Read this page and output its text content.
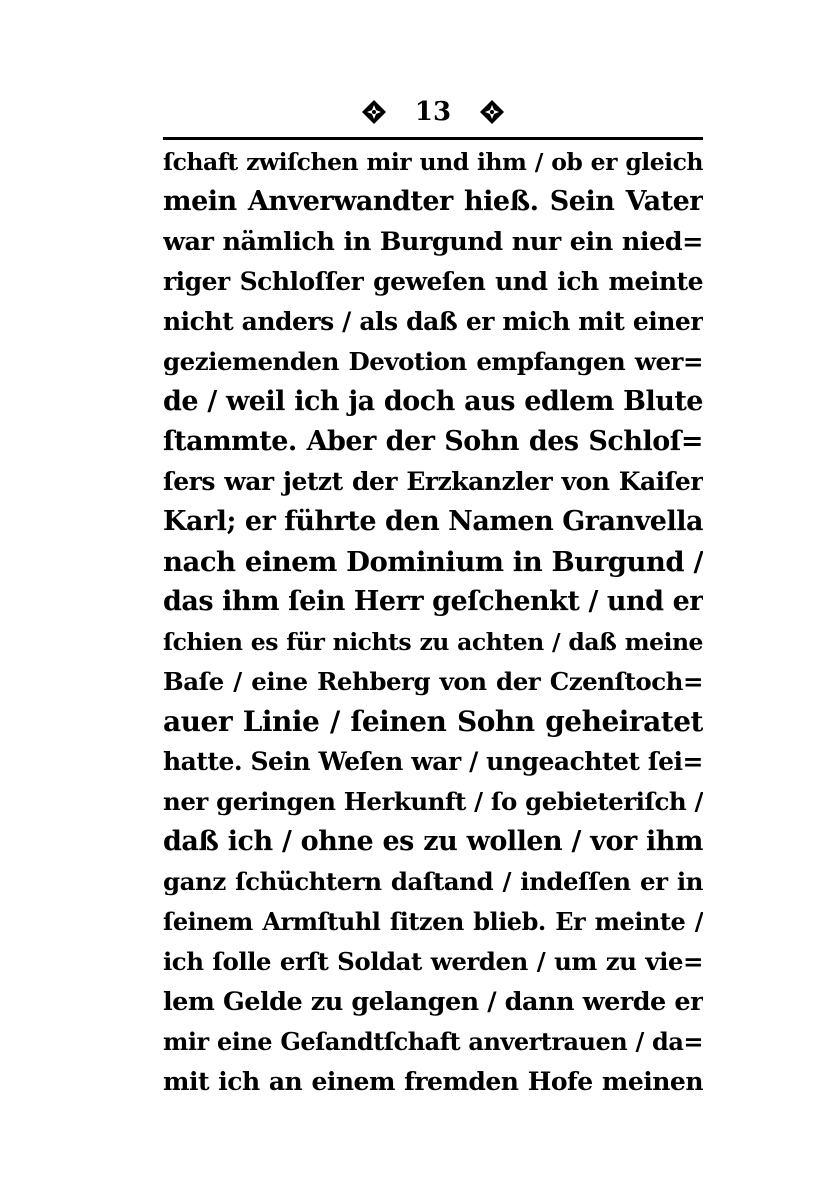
13
ſchaft zwiſchen mir und ihm / ob er gleich
mein Anverwandter hieß. Sein Vater
war nämlich in Burgund nur ein nied=
riger Schloſſer geweſen und ich meinte
nicht anders / als daß er mich mit einer
geziemenden Devotion empfangen wer=
de / weil ich ja doch aus edlem Blute
ſtammte. Aber der Sohn des Schloſ=
ſers war jetzt der Erzkanzler von Kaiſer
Karl; er führte den Namen Granvella
nach einem Dominium in Burgund /
das ihm ſein Herr geſchenkt / und er
ſchien es für nichts zu achten / daß meine
Baſe / eine Rehberg von der Czenſtoch=
auer Linie / ſeinen Sohn geheiratet
hatte. Sein Weſen war / ungeachtet ſei=
ner geringen Herkunft / ſo gebieteriſch /
daß ich / ohne es zu wollen / vor ihm
ganz ſchüchtern daſtand / indeſſen er in
ſeinem Armſtuhl ſitzen blieb. Er meinte /
ich ſolle erſt Soldat werden / um zu vie=
lem Gelde zu gelangen / dann werde er
mir eine Geſandtſchaft anvertrauen / da=
mit ich an einem fremden Hofe meinen
